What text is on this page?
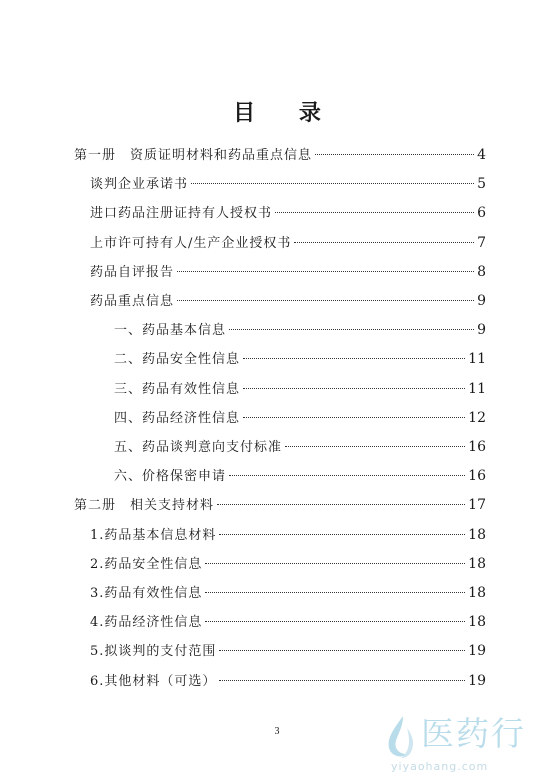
目 录
第一册　资质证明材料和药品重点信息	4
谈判企业承诺书	5
进口药品注册证持有人授权书	6
上市许可持有人/生产企业授权书	7
药品自评报告	8
药品重点信息	9
一、药品基本信息	9
二、药品安全性信息	11
三、药品有效性信息	11
四、药品经济性信息	12
五、药品谈判意向支付标准	16
六、价格保密申请	16
第二册　相关支持材料	17
1.药品基本信息材料	18
2.药品安全性信息	18
3.药品有效性信息	18
4.药品经济性信息	18
5.拟谈判的支付范围	19
6.其他材料（可选）	19
3	医药行
yiyaohang.com
